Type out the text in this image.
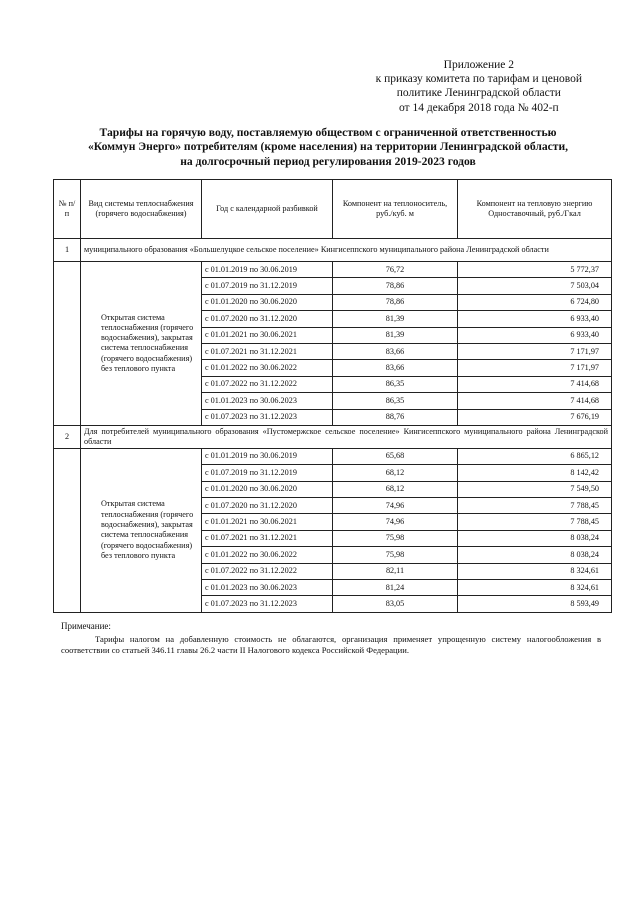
Приложение 2
к приказу комитета по тарифам и ценовой
политике Ленинградской области
от 14 декабря 2018 года № 402-п
Тарифы на горячую воду, поставляемую обществом с ограниченной ответственностью
«Коммун Энерго» потребителям (кроме населения) на территории Ленинградской области,
на долгосрочный период регулирования 2019-2023 годов
№ п/п	Вид системы теплоснабжения (горячего водоснабжения)	Год с календарной разбивкой	Компонент на теплоноситель, руб./куб. м	Компонент на тепловую энергию
Одноставочный, руб./Гкал

1	муниципального образования «Большелуцкое сельское поселение» Кингисеппского муниципального района Ленинградской области			
	Открытая система теплоснабжения (горячего водоснабжения), закрытая система теплоснабжения (горячего водоснабжения) без теплового пункта	с 01.01.2019 по 30.06.2019	76,72	5 772,37
		с 01.07.2019 по 31.12.2019	78,86	7 503,04
		с 01.01.2020 по 30.06.2020	78,86	6 724,80
		с 01.07.2020 по 31.12.2020	81,39	6 933,40
		с 01.01.2021 по 30.06.2021	81,39	6 933,40
		с 01.07.2021 по 31.12.2021	83,66	7 171,97
		с 01.01.2022 по 30.06.2022	83,66	7 171,97
		с 01.07.2022 по 31.12.2022	86,35	7 414,68
		с 01.01.2023 по 30.06.2023	86,35	7 414,68
		с 01.07.2023 по 31.12.2023	88,76	7 676,19
2	Для потребителей муниципального образования «Пустомержское сельское поселение» Кингисеппского муниципального района Ленинградской области			
	Открытая система теплоснабжения (горячего водоснабжения), закрытая система теплоснабжения (горячего водоснабжения) без теплового пункта	с 01.01.2019 по 30.06.2019	65,68	6 865,12
		с 01.07.2019 по 31.12.2019	68,12	8 142,42
		с 01.01.2020 по 30.06.2020	68,12	7 549,50
		с 01.07.2020 по 31.12.2020	74,96	7 788,45
		с 01.01.2021 по 30.06.2021	74,96	7 788,45
		с 01.07.2021 по 31.12.2021	75,98	8 038,24
		с 01.01.2022 по 30.06.2022	75,98	8 038,24
		с 01.07.2022 по 31.12.2022	82,11	8 324,61
		с 01.01.2023 по 30.06.2023	81,24	8 324,61
		с 01.07.2023 по 31.12.2023	83,05	8 593,49
Примечание:
Тарифы налогом на добавленную стоимость не облагаются, организация применяет упрощенную систему налогообложения в соответствии со статьей 346.11 главы 26.2 части II Налогового кодекса Российской Федерации.
